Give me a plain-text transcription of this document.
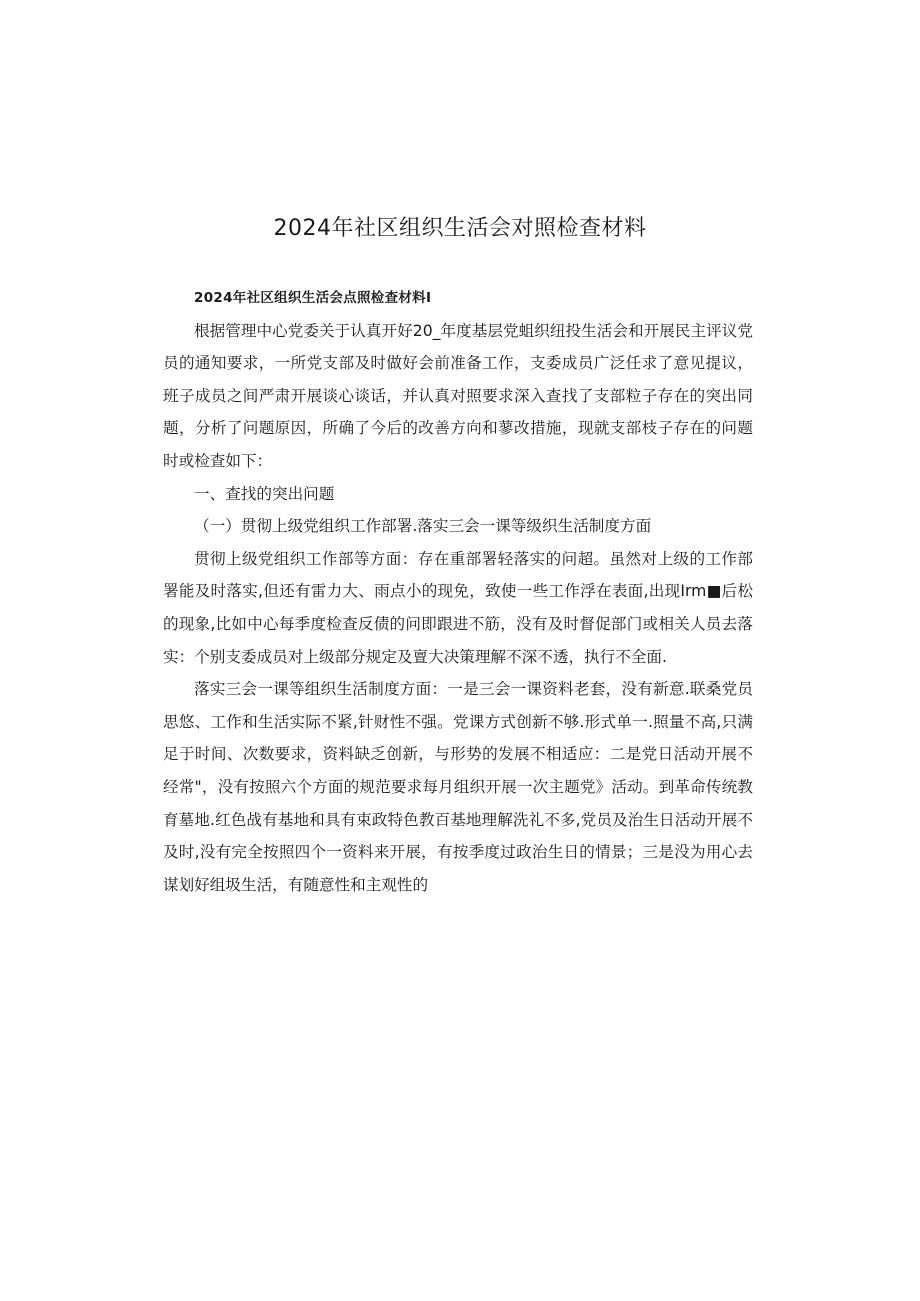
2024年社区组织生活会对照检查材料

2024年社区组织生活会点照检查材料I

根据管理中心党委关于认真开好20_年度基层党蛆织纽投生活会和开展民主评议党员的通知要求，一所党支部及时做好会前准备工作，支委成员广泛任求了意见提议，班子成员之间严肃开展谈心谈话，并认真对照要求深入查找了支部粒子存在的突出同题，分析了问题原因，所确了今后的改善方向和蓼改措施，现就支部枝子存在的问题时或检查如下：

一、查找的突出问题

（一）贯彻上级党组织工作部署.落实三会一课等级织生活制度方面

贯彻上级党组织工作部等方面：存在重部署轻落实的问超。虽然对上级的工作部署能及时落实,但还有雷力大、雨点小的现免，致使一些工作浮在表面,出现Irm■后松的现象,比如中心每季度检查反债的问即跟进不筋，没有及时督促部门或相关人员去落实：个别支委成员对上级部分规定及亶大决策理解不深不透，执行不全面.

落实三会一课等组织生活制度方面：一是三会一课资料老套，没有新意.联桑党员思悠、工作和生活实际不紧,针财性不强。党课方式创新不够.形式单一.照量不高,只满足于时间、次数要求，资料缺乏创新，与形势的发展不相适应：二是党日活动开展不经常"，没有按照六个方面的规范要求每月组织开展一次主题党》活动。到革命传统教育墓地.红色战有基地和具有束政特色教百基地理解洗礼不多,党员及治生日活动开展不及时,没有完全按照四个一资料来开展，有按季度过政治生日的情景；三是没为用心去谋划好组圾生活，有随意性和主观性的
